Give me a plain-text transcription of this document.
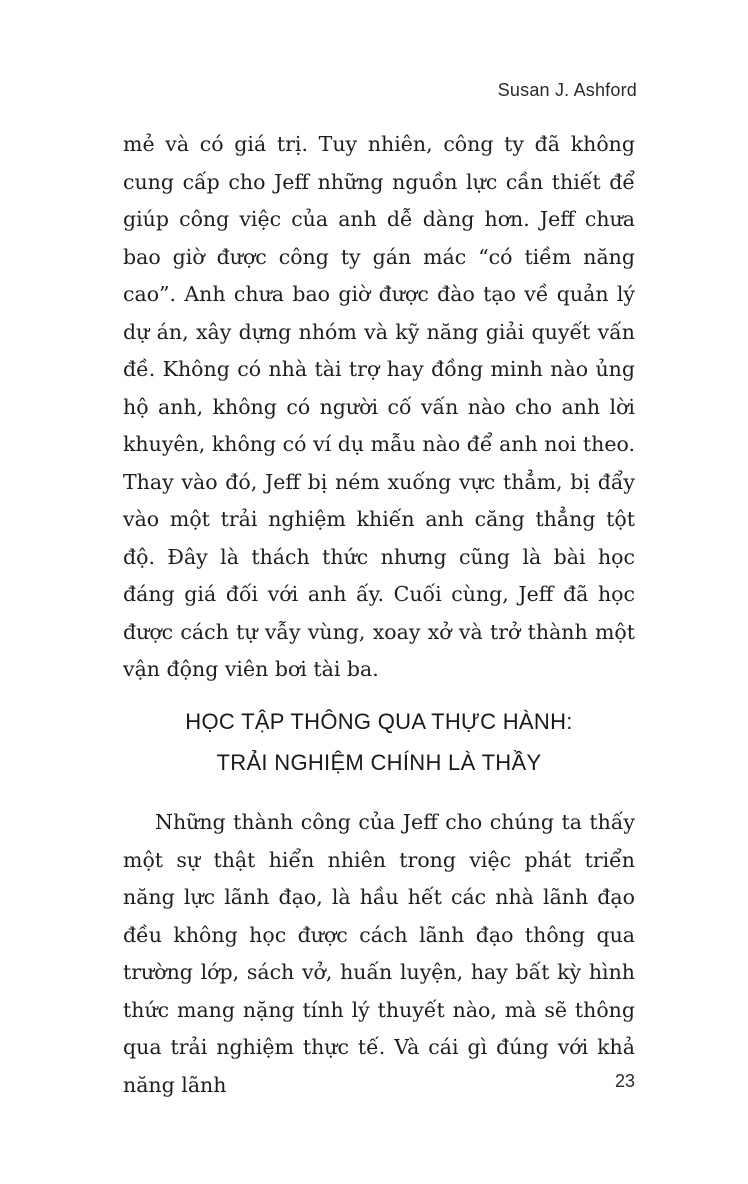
Susan J. Ashford

mẻ và có giá trị. Tuy nhiên, công ty đã không cung cấp cho Jeff những nguồn lực cần thiết để giúp công việc của anh dễ dàng hơn. Jeff chưa bao giờ được công ty gán mác “có tiềm năng cao”. Anh chưa bao giờ được đào tạo về quản lý dự án, xây dựng nhóm và kỹ năng giải quyết vấn đề. Không có nhà tài trợ hay đồng minh nào ủng hộ anh, không có người cố vấn nào cho anh lời khuyên, không có ví dụ mẫu nào để anh noi theo. Thay vào đó, Jeff bị ném xuống vực thẳm, bị đẩy vào một trải nghiệm khiến anh căng thẳng tột độ. Đây là thách thức nhưng cũng là bài học đáng giá đối với anh ấy. Cuối cùng, Jeff đã học được cách tự vẫy vùng, xoay xở và trở thành một vận động viên bơi tài ba.

HỌC TẬP THÔNG QUA THỰC HÀNH:
TRẢI NGHIỆM CHÍNH LÀ THẦY

Những thành công của Jeff cho chúng ta thấy một sự thật hiển nhiên trong việc phát triển năng lực lãnh đạo, là hầu hết các nhà lãnh đạo đều không học được cách lãnh đạo thông qua trường lớp, sách vở, huấn luyện, hay bất kỳ hình thức mang nặng tính lý thuyết nào, mà sẽ thông qua trải nghiệm thực tế. Và cái gì đúng với khả năng lãnh	23
